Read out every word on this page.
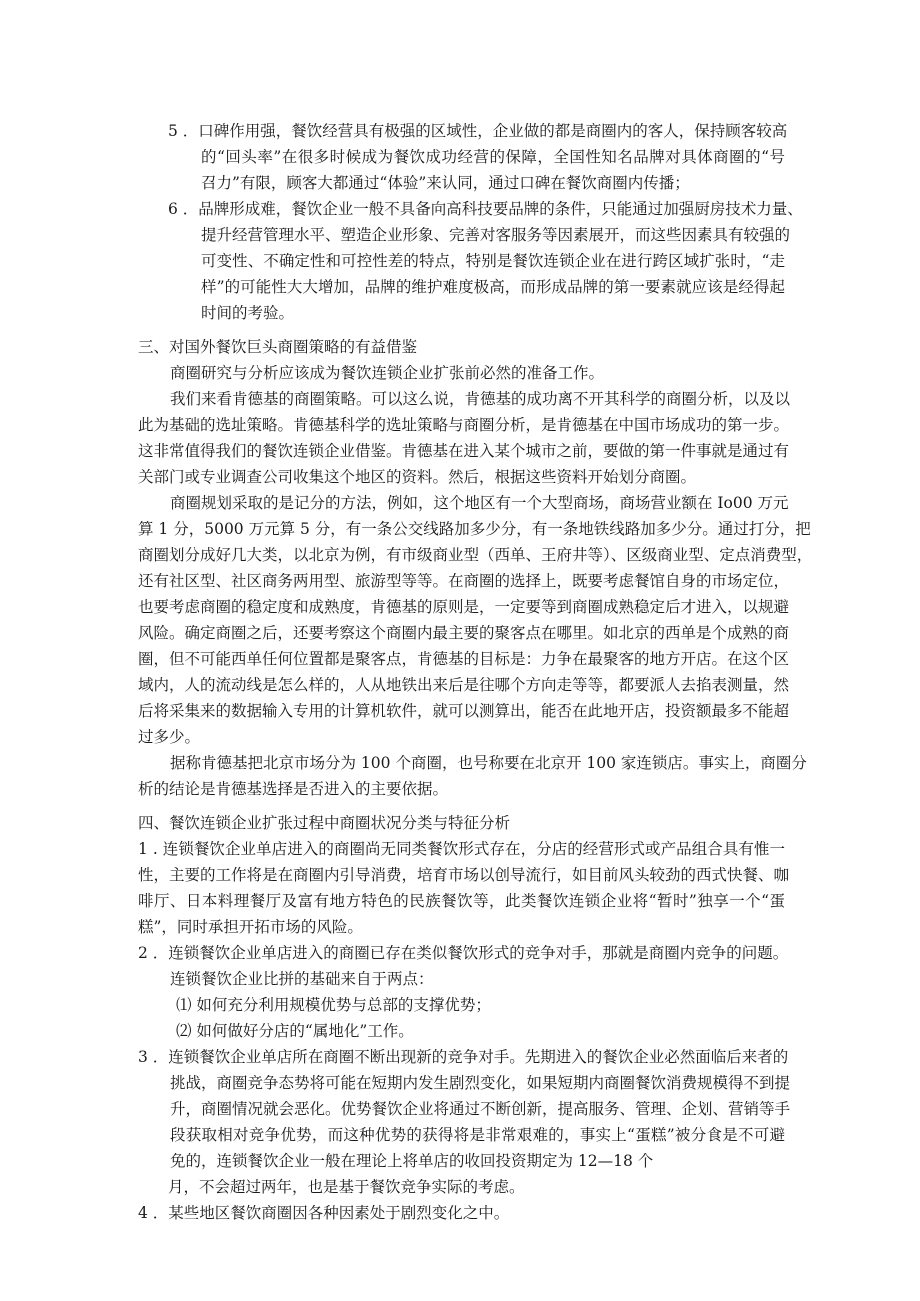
5 ．口碑作用强，餐饮经营具有极强的区域性，企业做的都是商圈内的客人，保持顾客较高

的“回头率”在很多时候成为餐饮成功经营的保障，全国性知名品牌对具体商圈的“号

召力”有限，顾客大都通过“体验”来认同，通过口碑在餐饮商圈内传播；

6 ．品牌形成难，餐饮企业一般不具备向高科技要品牌的条件，只能通过加强厨房技术力量、

提升经营管理水平、塑造企业形象、完善对客服务等因素展开，而这些因素具有较强的

可变性、不确定性和可控性差的特点，特别是餐饮连锁企业在进行跨区域扩张时，“走

样”的可能性大大增加，品牌的维护难度极高，而形成品牌的第一要素就应该是经得起

时间的考验。

三、对国外餐饮巨头商圈策略的有益借鉴

商圈研究与分析应该成为餐饮连锁企业扩张前必然的准备工作。

我们来看肯德基的商圈策略。可以这么说，肯德基的成功离不开其科学的商圈分析，以及以

此为基础的选址策略。肯德基科学的选址策略与商圈分析，是肯德基在中国市场成功的第一步。

这非常值得我们的餐饮连锁企业借鉴。肯德基在进入某个城市之前，要做的第一件事就是通过有

关部门或专业调查公司收集这个地区的资料。然后，根据这些资料开始划分商圈。

商圈规划采取的是记分的方法，例如，这个地区有一个大型商场，商场营业额在 Io00 万元

算 1 分，5000 万元算 5 分，有一条公交线路加多少分，有一条地铁线路加多少分。通过打分，把

商圈划分成好几大类，以北京为例，有市级商业型（西单、王府井等）、区级商业型、定点消费型，

还有社区型、社区商务两用型、旅游型等等。在商圈的选择上，既要考虑餐馆自身的市场定位，

也要考虑商圈的稳定度和成熟度，肯德基的原则是，一定要等到商圈成熟稳定后才进入，以规避

风险。确定商圈之后，还要考察这个商圈内最主要的聚客点在哪里。如北京的西单是个成熟的商

圈，但不可能西单任何位置都是聚客点，肯德基的目标是：力争在最聚客的地方开店。在这个区

域内，人的流动线是怎么样的，人从地铁出来后是往哪个方向走等等，都要派人去掐表测量，然

后将采集来的数据输入专用的计算机软件，就可以测算出，能否在此地开店，投资额最多不能超

过多少。

据称肯德基把北京市场分为 100 个商圈，也号称要在北京开 100 家连锁店。事实上，商圈分

析的结论是肯德基选择是否进入的主要依据。

四、餐饮连锁企业扩张过程中商圈状况分类与特征分析

1 . 连锁餐饮企业单店进入的商圈尚无同类餐饮形式存在，分店的经营形式或产品组合具有惟一

性，主要的工作将是在商圈内引导消费，培育市场以创导流行，如目前风头较劲的西式快餐、咖

啡厅、日本料理餐厅及富有地方特色的民族餐饮等，此类餐饮连锁企业将“暂时”独享一个“蛋

糕”，同时承担开拓市场的风险。

2 ．连锁餐饮企业单店进入的商圈已存在类似餐饮形式的竞争对手，那就是商圈内竞争的问题。

连锁餐饮企业比拼的基础来自于两点：

⑴ 如何充分利用规模优势与总部的支撑优势；

⑵ 如何做好分店的“属地化”工作。

3 ．连锁餐饮企业单店所在商圈不断出现新的竞争对手。先期进入的餐饮企业必然面临后来者的

挑战，商圈竞争态势将可能在短期内发生剧烈变化，如果短期内商圈餐饮消费规模得不到提

升，商圈情况就会恶化。优势餐饮企业将通过不断创新，提高服务、管理、企划、营销等手

段获取相对竞争优势，而这种优势的获得将是非常艰难的，事实上“蛋糕”被分食是不可避

免的，连锁餐饮企业一般在理论上将单店的收回投资期定为 12—18 个

月，不会超过两年，也是基于餐饮竞争实际的考虑。

4 ．某些地区餐饮商圈因各种因素处于剧烈变化之中。
